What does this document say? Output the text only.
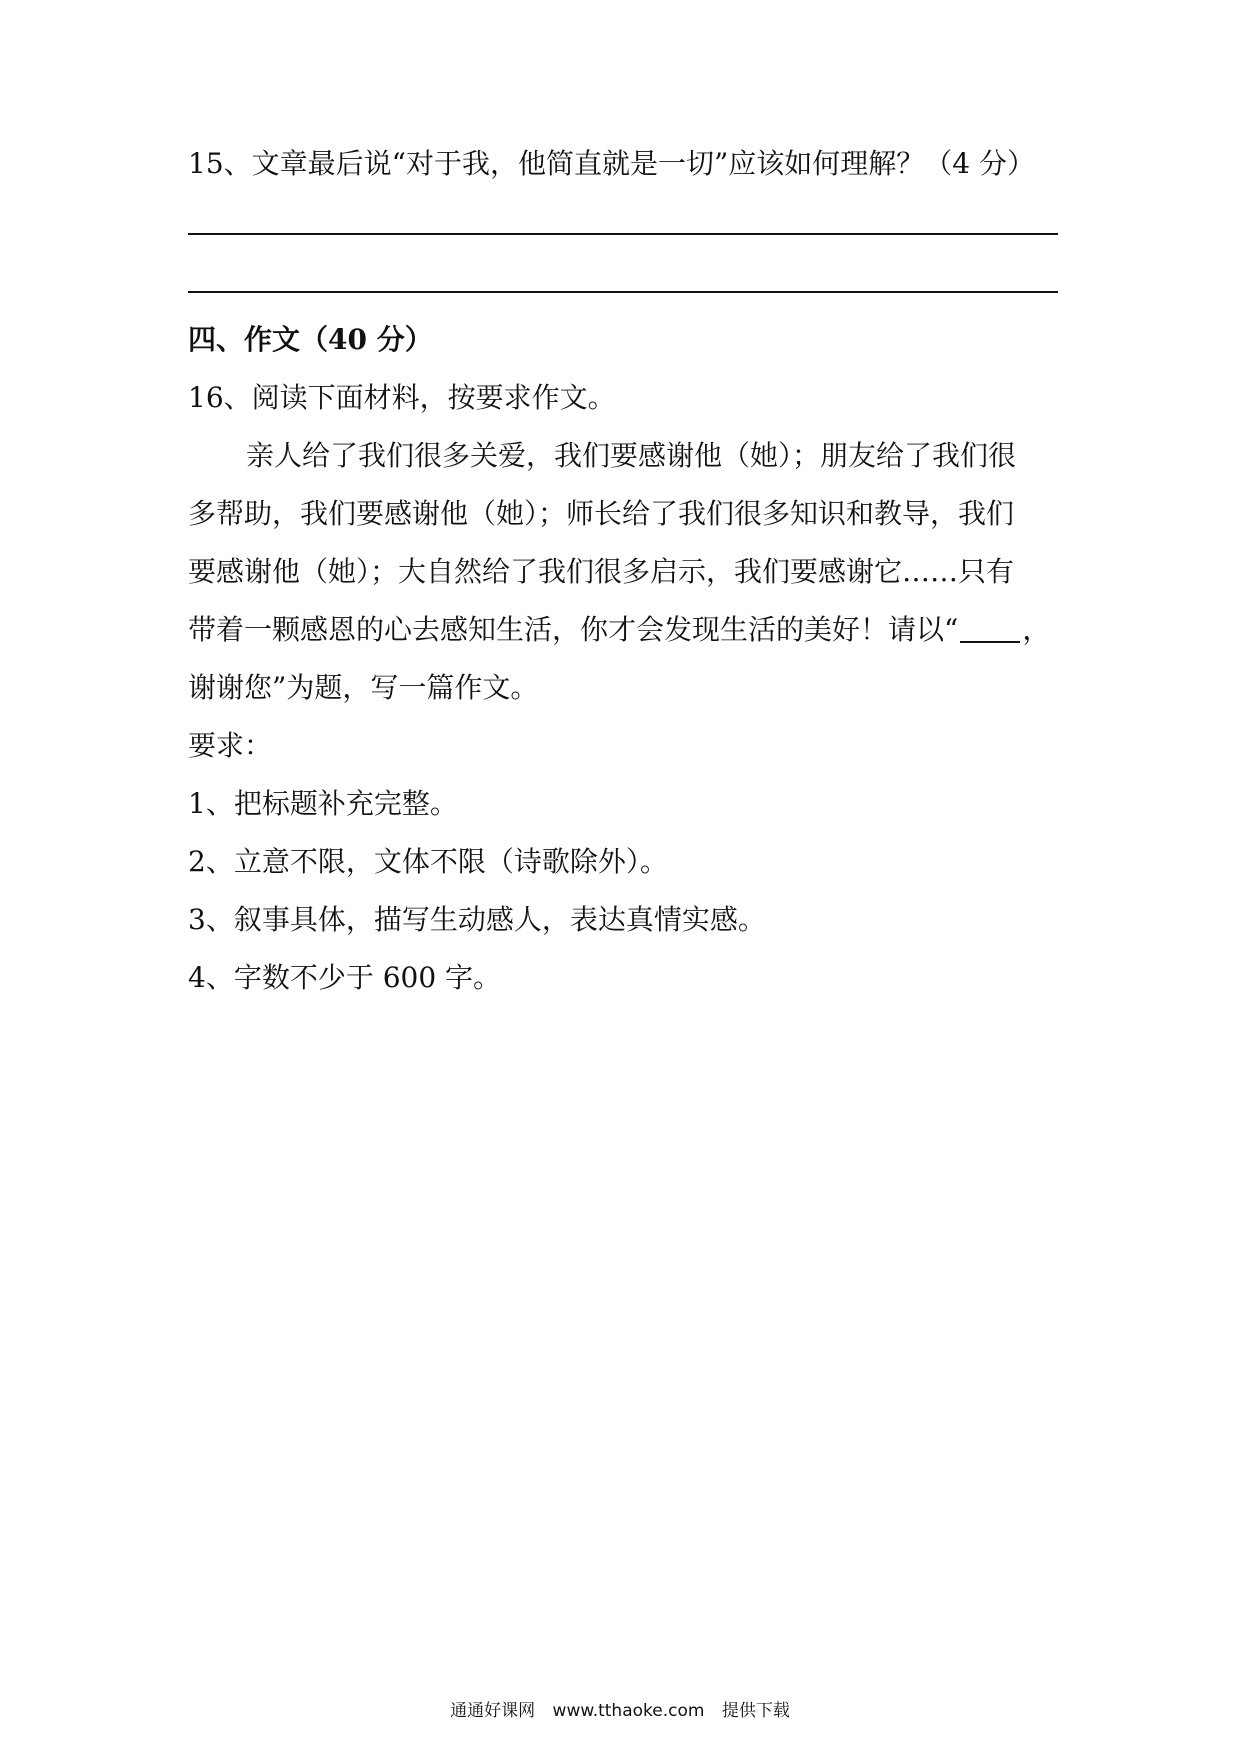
15、文章最后说“对于我，他简直就是一切”应该如何理解？（4 分）
四、作文（40 分）
16、阅读下面材料，按要求作文。
亲人给了我们很多关爱，我们要感谢他（她）；朋友给了我们很
多帮助，我们要感谢他（她）；师长给了我们很多知识和教导，我们
要感谢他（她）；大自然给了我们很多启示，我们要感谢它……只有
带着一颗感恩的心去感知生活，你才会发现生活的美好！请以“ ，
谢谢您”为题，写一篇作文。
要求：
1、把标题补充完整。
2、立意不限，文体不限（诗歌除外）。
3、叙事具体，描写生动感人，表达真情实感。
4、字数不少于 600 字。
通通好课网 www.tthaoke.com 提供下载
